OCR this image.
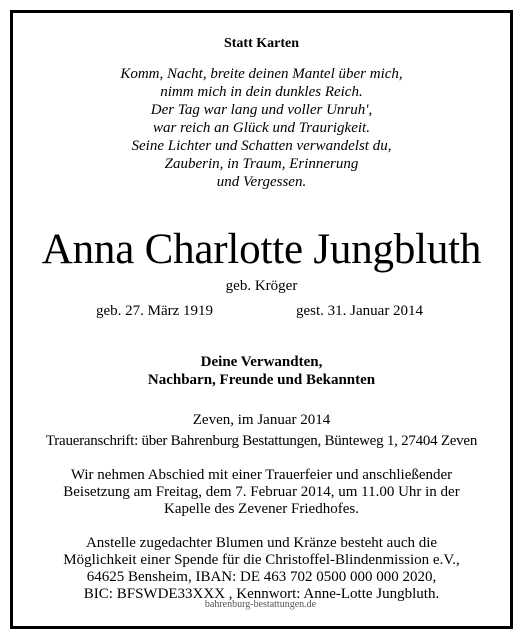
Statt Karten
Komm, Nacht, breite deinen Mantel über mich,
nimm mich in dein dunkles Reich.
Der Tag war lang und voller Unruh',
war reich an Glück und Traurigkeit.
Seine Lichter und Schatten verwandelst du,
Zauberin, in Traum, Erinnerung
und Vergessen.
Anna Charlotte Jungbluth
geb. Kröger
geb. 27. März 1919	gest. 31. Januar 2014
Deine Verwandten,
Nachbarn, Freunde und Bekannten
Zeven, im Januar 2014
Traueranschrift: über Bahrenburg Bestattungen, Bünteweg 1, 27404 Zeven
Wir nehmen Abschied mit einer Trauerfeier und anschließender
Beisetzung am Freitag, dem 7. Februar 2014, um 11.00 Uhr in der
Kapelle des Zevener Friedhofes.
Anstelle zugedachter Blumen und Kränze besteht auch die
Möglichkeit einer Spende für die Christoffel-Blindenmission e.V.,
64625 Bensheim, IBAN: DE 463 702 0500 000 000 2020,
BIC: BFSWDE33XXX , Kennwort: Anne-Lotte Jungbluth.
bahrenburg-bestattungen.de
